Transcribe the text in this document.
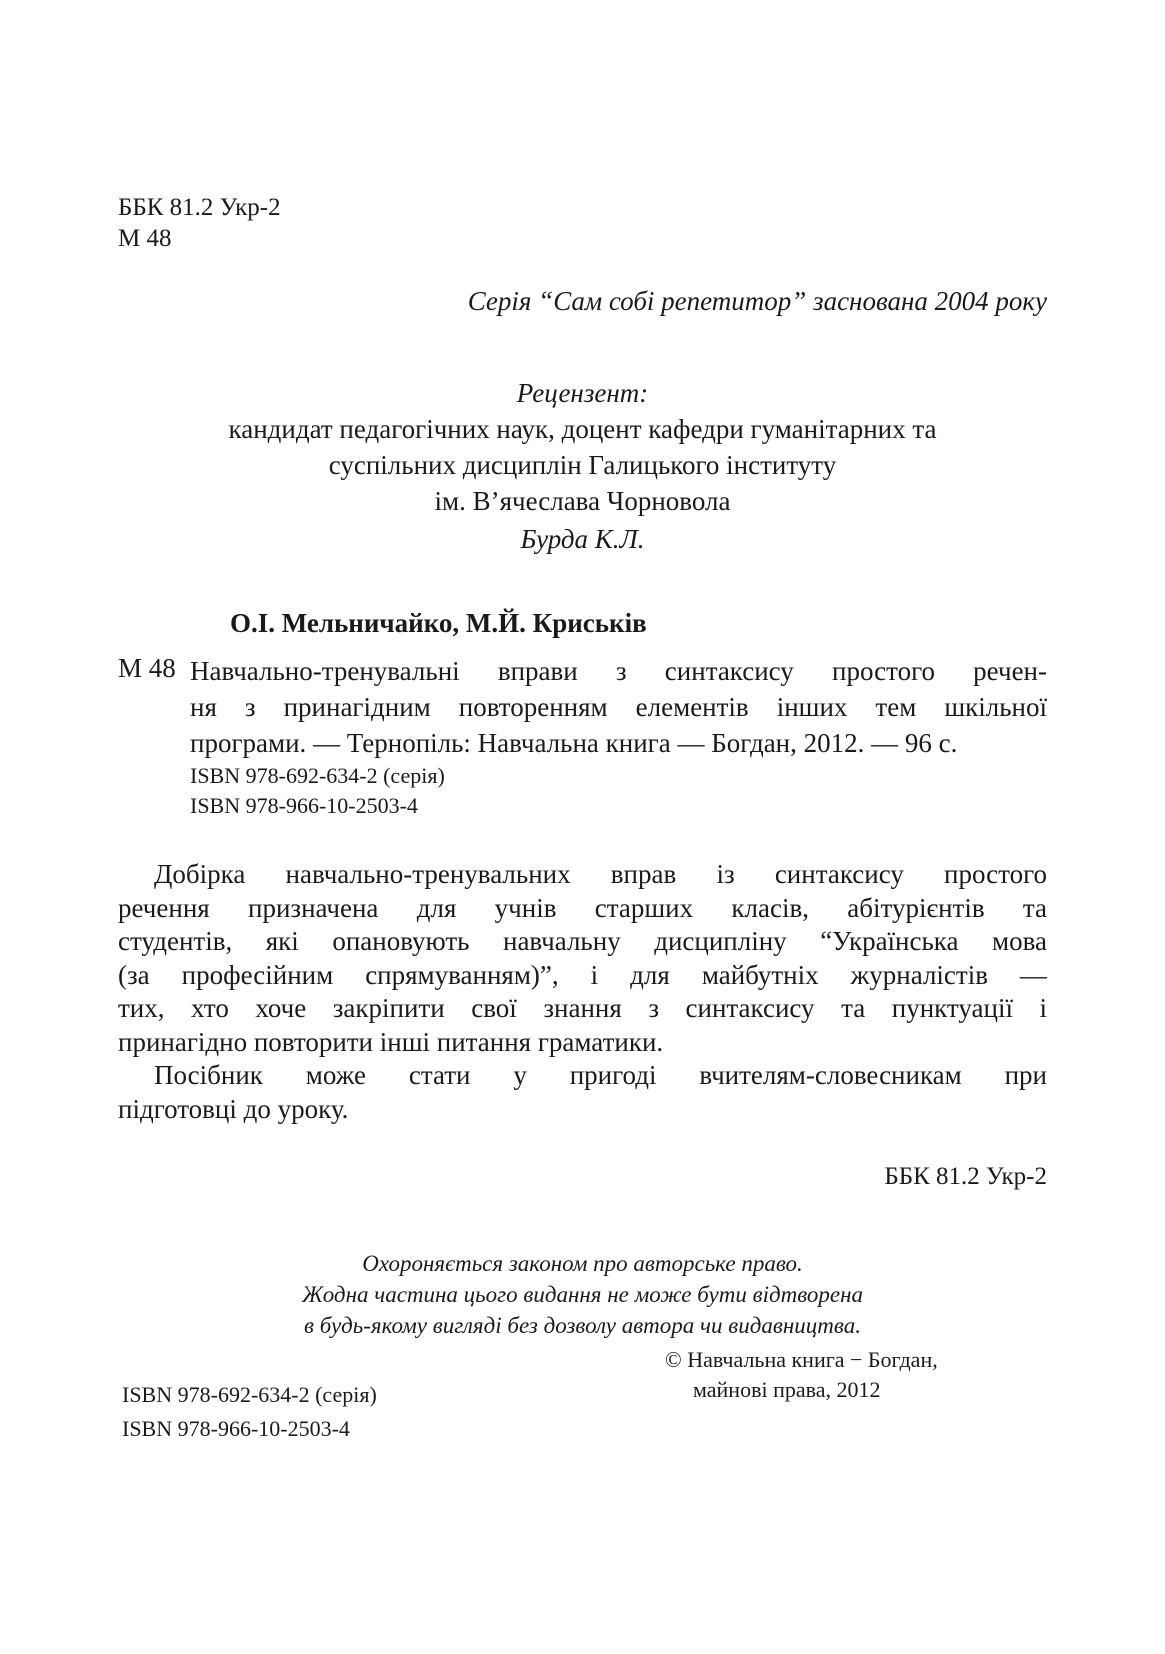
ББК 81.2 Укр-2
М 48
Серія “Сам собі репетитор” заснована 2004 року
Рецензент:
кандидат педагогічних наук, доцент кафедри гуманітарних та
суспільних дисциплін Галицького інституту
ім. В’ячеслава Чорновола
Бурда К.Л.
О.І. Мельничайко, М.Й. Криськів
М 48 Навчально-тренувальні вправи з синтаксису простого речен-
ня з принагідним повторенням елементів інших тем шкільної
програми. — Тернопіль: Навчальна книга — Богдан, 2012. — 96 с.
ISBN 978-692-634-2 (серія)
ISBN 978-966-10-2503-4
Добірка навчально-тренувальних вправ із синтаксису простого
речення призначена для учнів старших класів, абітурієнтів та
студентів, які опановують навчальну дисципліну “Українська мова
(за професійним спрямуванням)”, і для майбутніх журналістів —
тих, хто хоче закріпити свої знання з синтаксису та пунктуації і
принагідно повторити інші питання граматики.
Посібник може стати у пригоді вчителям-словесникам при
підготовці до уроку.
ББК 81.2 Укр-2
Охороняється законом про авторське право.
Жодна частина цього видання не може бути відтворена
в будь-якому вигляді без дозволу автора чи видавництва.
ISBN 978-692-634-2 (серія)
ISBN 978-966-10-2503-4
© Навчальна книга − Богдан,
майнові права, 2012
